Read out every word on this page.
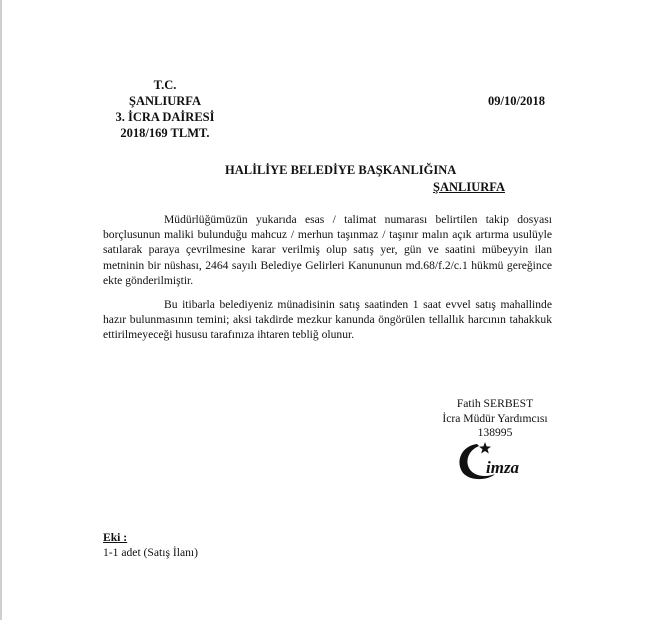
T.C.
ŞANLIURFA
3. İCRA DAİRESİ
2018/169 TLMT.
09/10/2018
HALİLİYE BELEDİYE BAŞKANLIĞINA
ŞANLIURFA

Müdürlüğümüzün yukarıda esas / talimat numarası belirtilen takip dosyası borçlusunun maliki bulunduğu mahcuz / merhun taşınmaz / taşınır malın açık artırma usulüyle satılarak paraya çevrilmesine karar verilmiş olup satış yer, gün ve saatini mübeyyin ilan metninin bir nüshası, 2464 sayılı Belediye Gelirleri Kanununun md.68/f.2/c.1 hükmü gereğince ekte gönderilmiştir.

Bu itibarla belediyeniz münadisinin satış saatinden 1 saat evvel satış mahallinde hazır bulunmasının temini; aksi takdirde mezkur kanunda öngörülen tellallık harcının tahakkuk ettirilmeyeceği hususu tarafınıza ihtaren tebliğ olunur.

Fatih SERBEST
İcra Müdür Yardımcısı
138995
imza
Eki :
1-1 adet (Satış İlanı)
